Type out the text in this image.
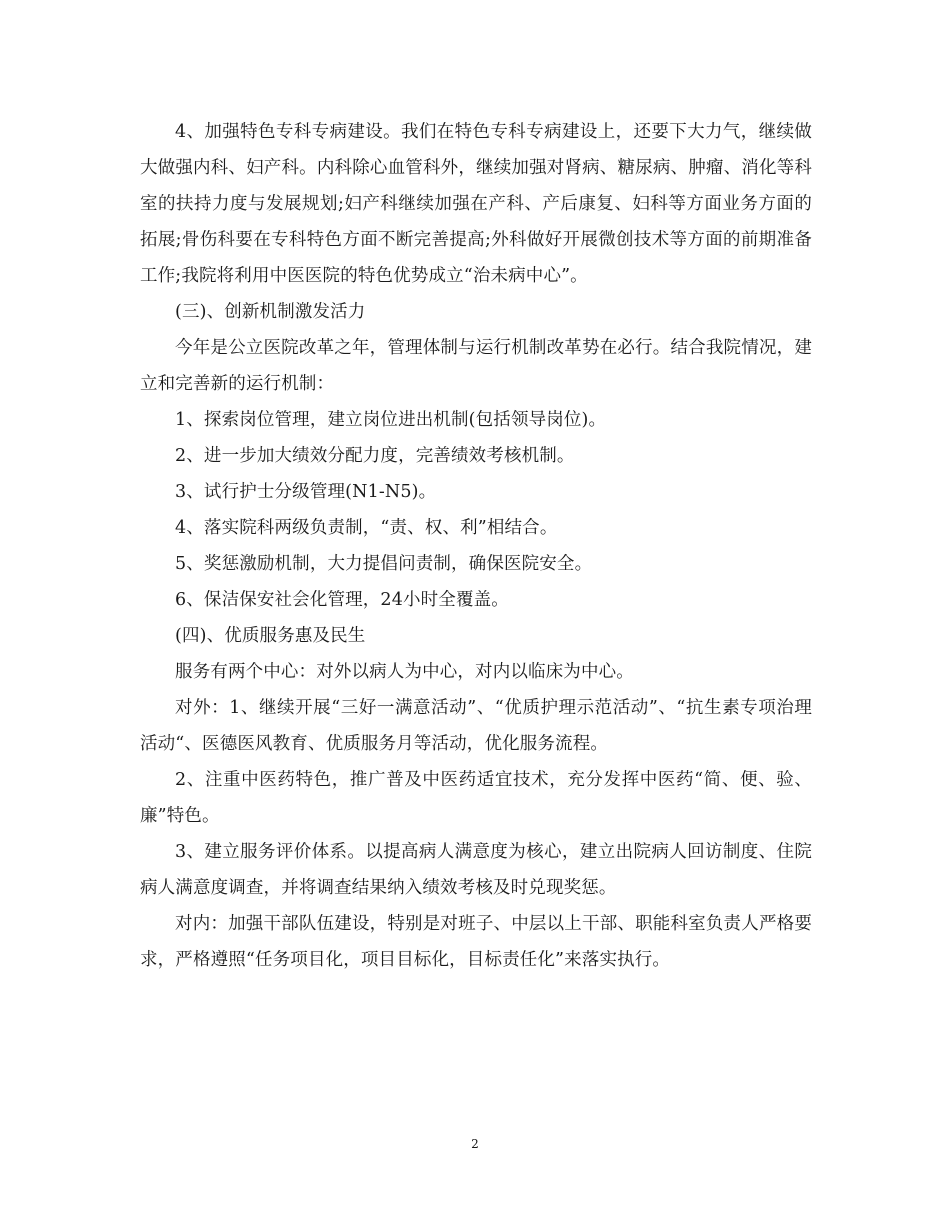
4、加强特色专科专病建设。我们在特色专科专病建设上，还要下大力气，继续做大做强内科、妇产科。内科除心血管科外，继续加强对肾病、糖尿病、肿瘤、消化等科室的扶持力度与发展规划;妇产科继续加强在产科、产后康复、妇科等方面业务方面的拓展;骨伤科要在专科特色方面不断完善提高;外科做好开展微创技术等方面的前期准备工作;我院将利用中医医院的特色优势成立“治未病中心”。

(三)、创新机制激发活力

今年是公立医院改革之年，管理体制与运行机制改革势在必行。结合我院情况，建立和完善新的运行机制：

1、探索岗位管理，建立岗位进出机制(包括领导岗位)。

2、进一步加大绩效分配力度，完善绩效考核机制。

3、试行护士分级管理(N1-N5)。

4、落实院科两级负责制，“责、权、利”相结合。

5、奖惩激励机制，大力提倡问责制，确保医院安全。

6、保洁保安社会化管理，24小时全覆盖。

(四)、优质服务惠及民生

服务有两个中心：对外以病人为中心，对内以临床为中心。

对外：1、继续开展“三好一满意活动”、“优质护理示范活动”、“抗生素专项治理活动“、医德医风教育、优质服务月等活动，优化服务流程。

2、注重中医药特色，推广普及中医药适宜技术，充分发挥中医药“简、便、验、廉”特色。

3、建立服务评价体系。以提高病人满意度为核心，建立出院病人回访制度、住院病人满意度调查，并将调查结果纳入绩效考核及时兑现奖惩。

对内：加强干部队伍建设，特别是对班子、中层以上干部、职能科室负责人严格要求，严格遵照“任务项目化，项目目标化，目标责任化”来落实执行。

2
